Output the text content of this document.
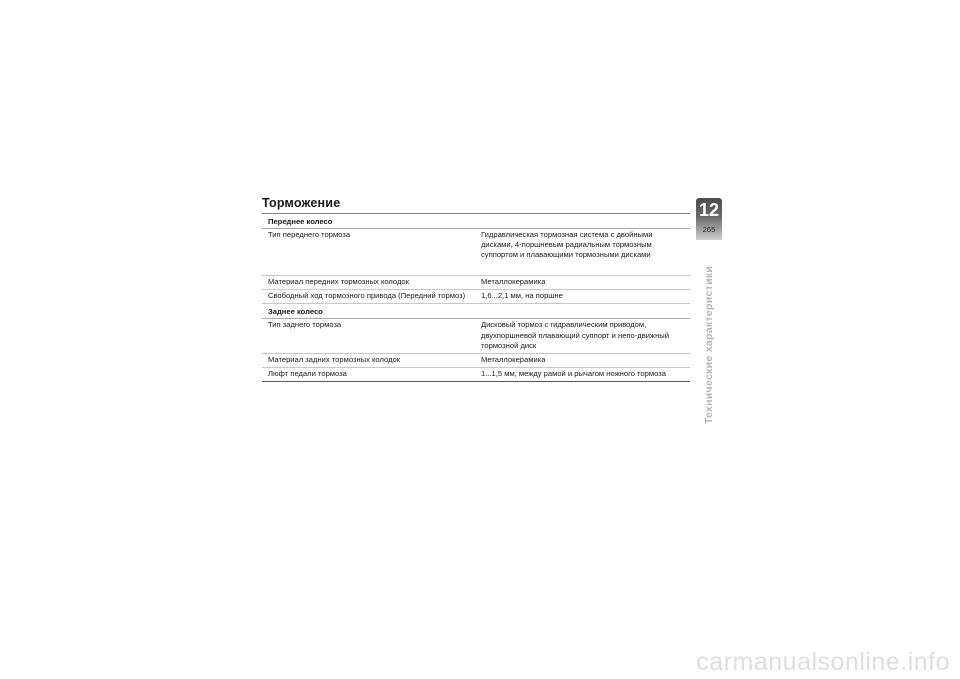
Торможение
Переднее колесо
Тип переднего тормоза	Гидравлическая тормозная система с двойными дисками, 4-поршневым радиальным тормозным суппортом и плавающими тормозными дисками
Материал передних тормозных колодок	Металлокерамика
Свободный ход тормозного привода (Передний тормоз)	1,6...2,1 мм, на поршне
Заднее колесо
Тип заднего тормоза	Дисковый тормоз с гидравлическим приводом, двухпоршневой плавающий суппорт и непо-движный тормозной диск
Материал задних тормозных колодок	Металлокерамика
Люфт педали тормоза	1...1,5 мм, между рамой и рычагом ножного тормоза
12
265
Технические характеристики
carmanualsonline.info
